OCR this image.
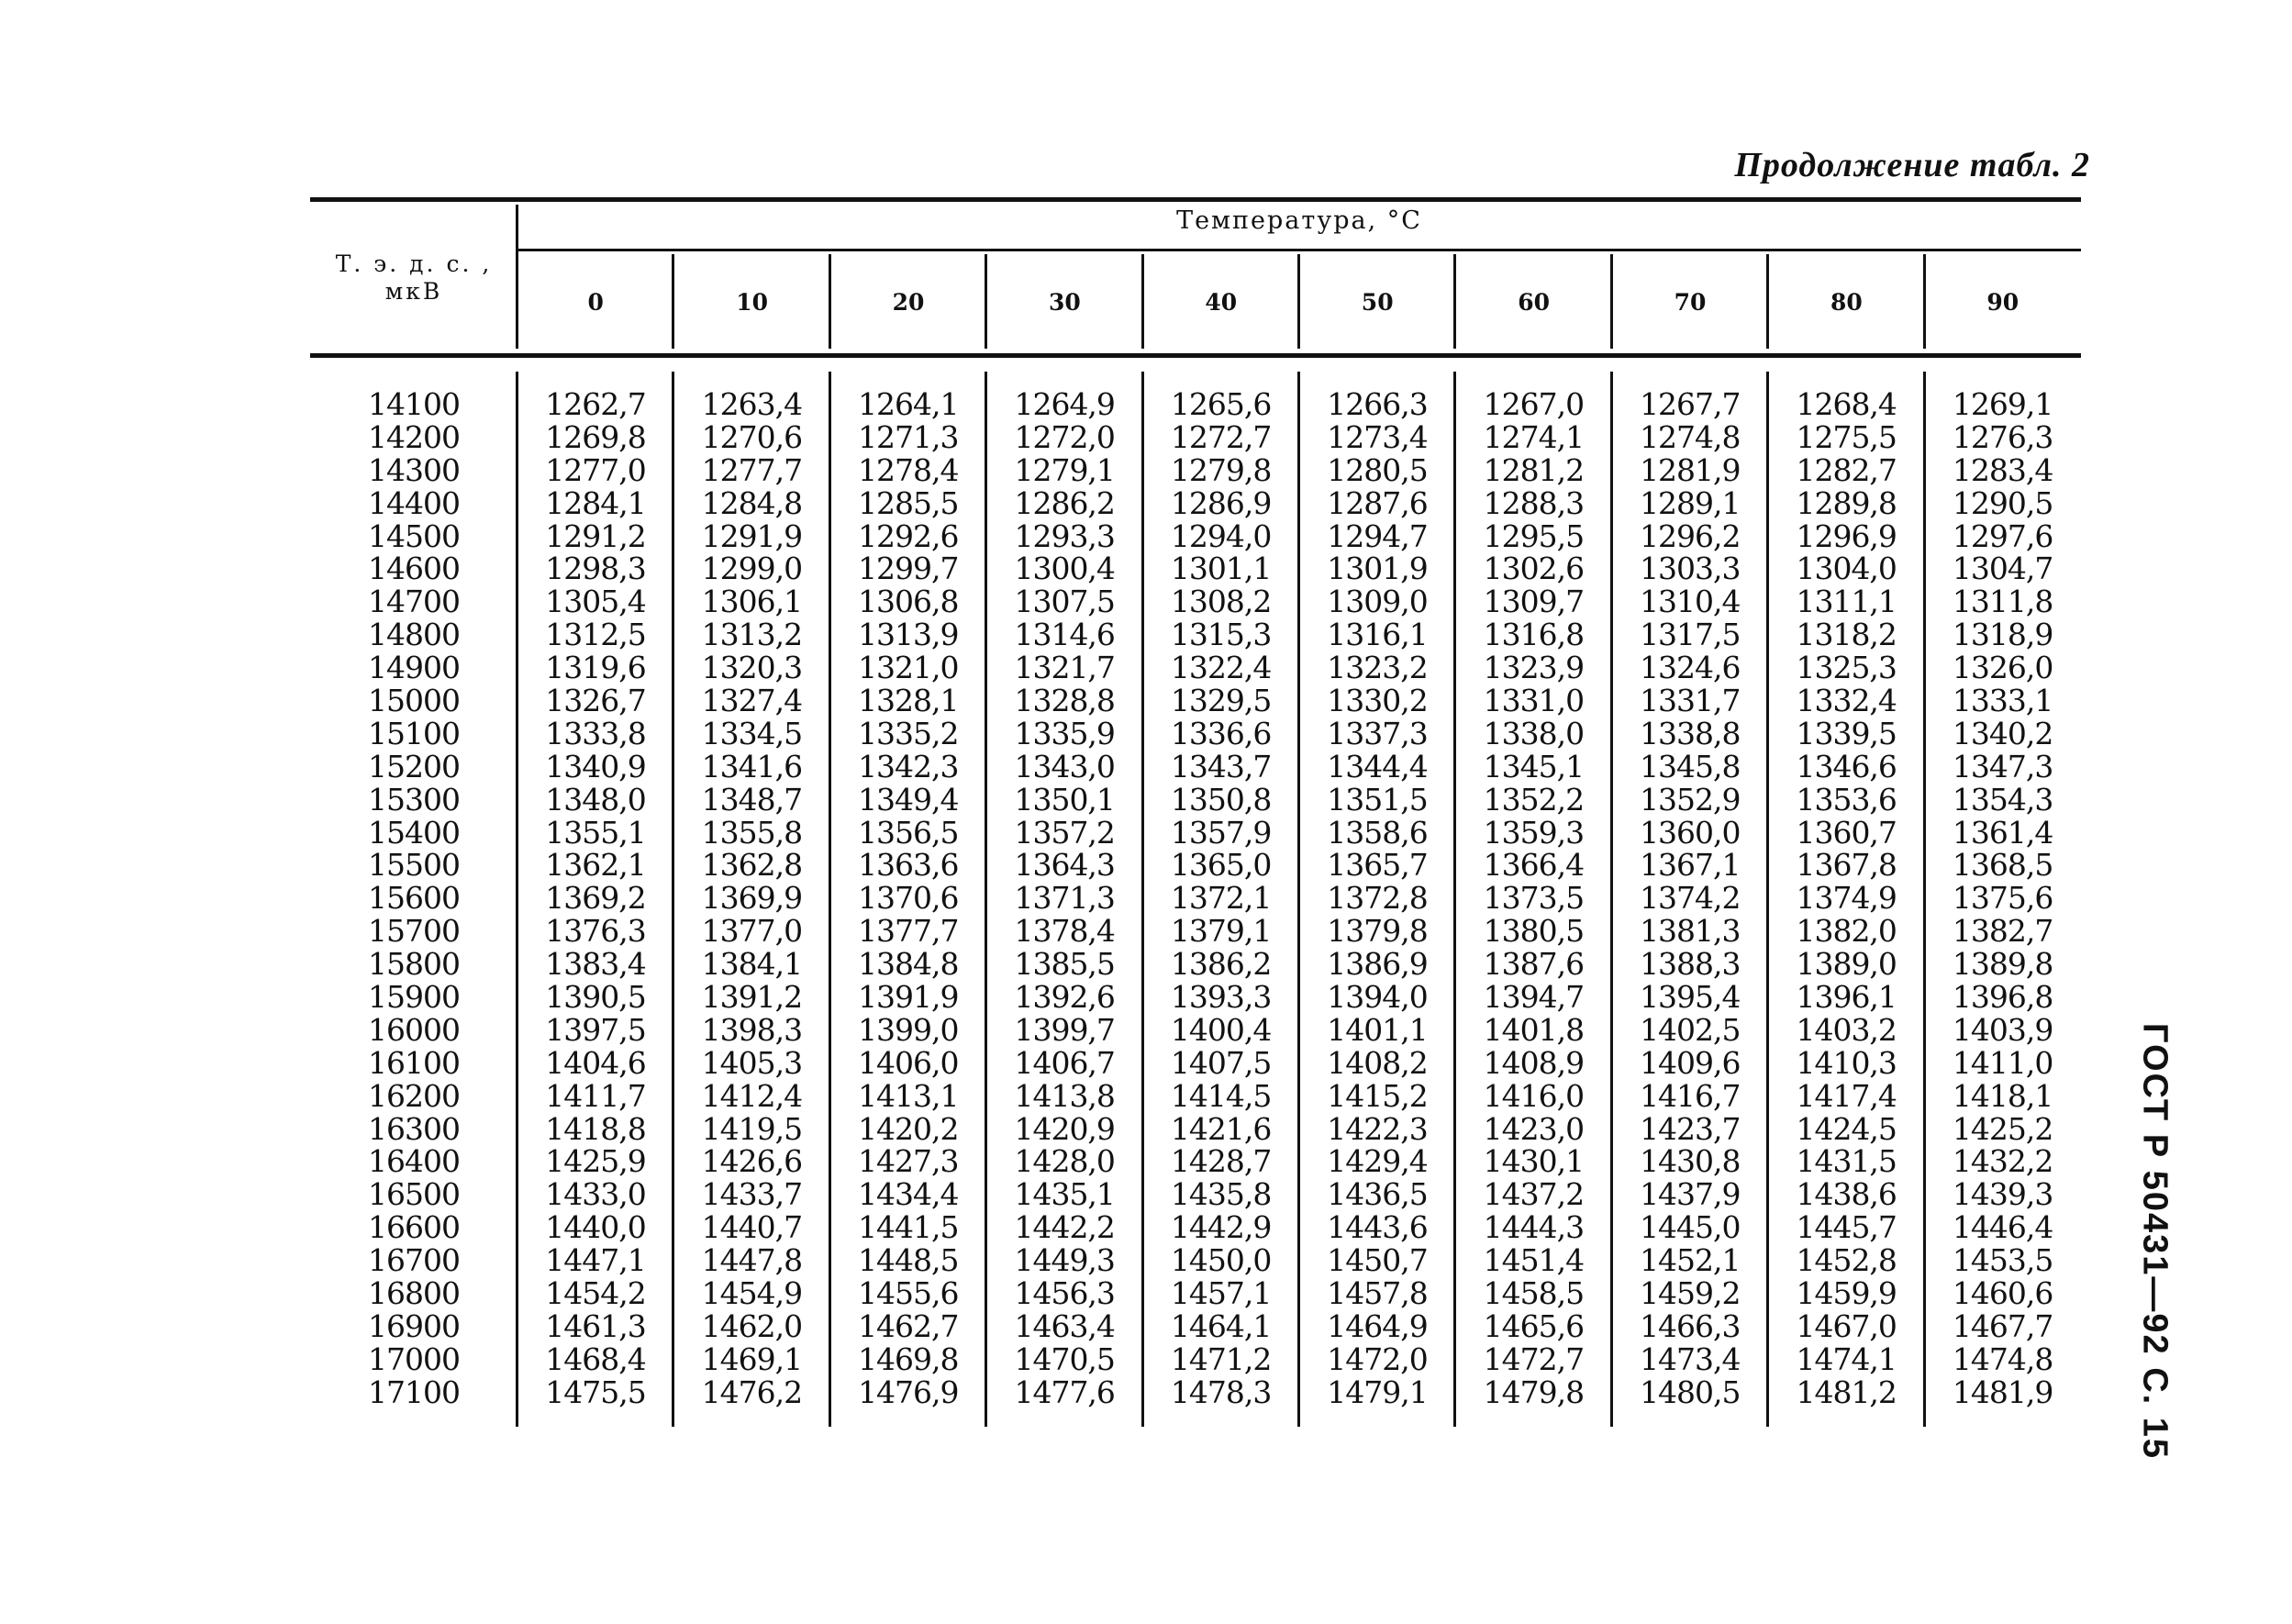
Продолжение табл. 2
ГОСТ Р 50431—92 С. 15
Т. э. д. с. , мкВ
Температура, °С
0	10	20	30	40	50	60	70	80	90
14100	1262,7	1263,4	1264,1	1264,9	1265,6	1266,3	1267,0	1267,7	1268,4	1269,1
14200	1269,8	1270,6	1271,3	1272,0	1272,7	1273,4	1274,1	1274,8	1275,5	1276,3
14300	1277,0	1277,7	1278,4	1279,1	1279,8	1280,5	1281,2	1281,9	1282,7	1283,4
14400	1284,1	1284,8	1285,5	1286,2	1286,9	1287,6	1288,3	1289,1	1289,8	1290,5
14500	1291,2	1291,9	1292,6	1293,3	1294,0	1294,7	1295,5	1296,2	1296,9	1297,6
14600	1298,3	1299,0	1299,7	1300,4	1301,1	1301,9	1302,6	1303,3	1304,0	1304,7
14700	1305,4	1306,1	1306,8	1307,5	1308,2	1309,0	1309,7	1310,4	1311,1	1311,8
14800	1312,5	1313,2	1313,9	1314,6	1315,3	1316,1	1316,8	1317,5	1318,2	1318,9
14900	1319,6	1320,3	1321,0	1321,7	1322,4	1323,2	1323,9	1324,6	1325,3	1326,0
15000	1326,7	1327,4	1328,1	1328,8	1329,5	1330,2	1331,0	1331,7	1332,4	1333,1
15100	1333,8	1334,5	1335,2	1335,9	1336,6	1337,3	1338,0	1338,8	1339,5	1340,2
15200	1340,9	1341,6	1342,3	1343,0	1343,7	1344,4	1345,1	1345,8	1346,6	1347,3
15300	1348,0	1348,7	1349,4	1350,1	1350,8	1351,5	1352,2	1352,9	1353,6	1354,3
15400	1355,1	1355,8	1356,5	1357,2	1357,9	1358,6	1359,3	1360,0	1360,7	1361,4
15500	1362,1	1362,8	1363,6	1364,3	1365,0	1365,7	1366,4	1367,1	1367,8	1368,5
15600	1369,2	1369,9	1370,6	1371,3	1372,1	1372,8	1373,5	1374,2	1374,9	1375,6
15700	1376,3	1377,0	1377,7	1378,4	1379,1	1379,8	1380,5	1381,3	1382,0	1382,7
15800	1383,4	1384,1	1384,8	1385,5	1386,2	1386,9	1387,6	1388,3	1389,0	1389,8
15900	1390,5	1391,2	1391,9	1392,6	1393,3	1394,0	1394,7	1395,4	1396,1	1396,8
16000	1397,5	1398,3	1399,0	1399,7	1400,4	1401,1	1401,8	1402,5	1403,2	1403,9
16100	1404,6	1405,3	1406,0	1406,7	1407,5	1408,2	1408,9	1409,6	1410,3	1411,0
16200	1411,7	1412,4	1413,1	1413,8	1414,5	1415,2	1416,0	1416,7	1417,4	1418,1
16300	1418,8	1419,5	1420,2	1420,9	1421,6	1422,3	1423,0	1423,7	1424,5	1425,2
16400	1425,9	1426,6	1427,3	1428,0	1428,7	1429,4	1430,1	1430,8	1431,5	1432,2
16500	1433,0	1433,7	1434,4	1435,1	1435,8	1436,5	1437,2	1437,9	1438,6	1439,3
16600	1440,0	1440,7	1441,5	1442,2	1442,9	1443,6	1444,3	1445,0	1445,7	1446,4
16700	1447,1	1447,8	1448,5	1449,3	1450,0	1450,7	1451,4	1452,1	1452,8	1453,5
16800	1454,2	1454,9	1455,6	1456,3	1457,1	1457,8	1458,5	1459,2	1459,9	1460,6
16900	1461,3	1462,0	1462,7	1463,4	1464,1	1464,9	1465,6	1466,3	1467,0	1467,7
17000	1468,4	1469,1	1469,8	1470,5	1471,2	1472,0	1472,7	1473,4	1474,1	1474,8
17100	1475,5	1476,2	1476,9	1477,6	1478,3	1479,1	1479,8	1480,5	1481,2	1481,9
